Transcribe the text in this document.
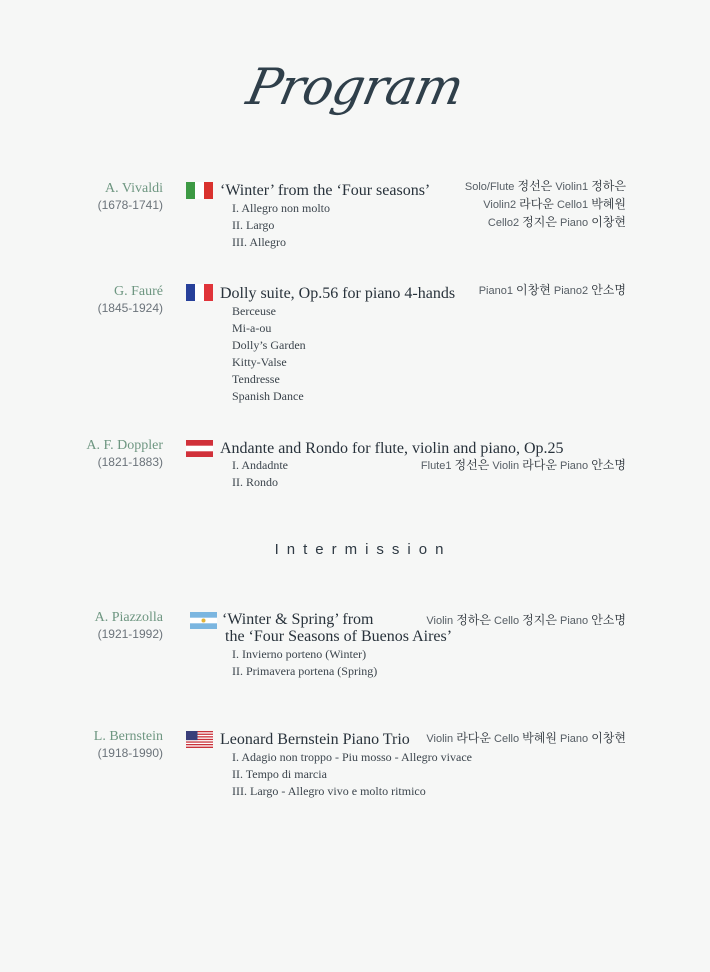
Program
A. Vivaldi
(1678-1741)
‘Winter’ from the ‘Four seasons’
I. Allegro non molto
II. Largo
III. Allegro
Solo/Flute 정선은 Violin1 정하은
Violin2 라다운 Cello1 박혜원
Cello2 정지은 Piano 이창현
G. Fauré
(1845-1924)
Dolly suite, Op.56 for piano 4-hands
Berceuse
Mi-a-ou
Dolly’s Garden
Kitty-Valse
Tendresse
Spanish Dance
Piano1 이창현 Piano2 안소명
A. F. Doppler
(1821-1883)
Andante and Rondo for flute, violin and piano, Op.25
I. Andadnte
II. Rondo
Flute1 정선은 Violin 라다운 Piano 안소명
Intermission
A. Piazzolla
(1921-1992)
‘Winter & Spring’ from
the ‘Four Seasons of Buenos Aires’
I. Invierno porteno (Winter)
II. Primavera portena (Spring)
Violin 정하은 Cello 정지은 Piano 안소명
L. Bernstein
(1918-1990)
Leonard Bernstein Piano Trio
I. Adagio non troppo - Piu mosso - Allegro vivace
II. Tempo di marcia
III. Largo - Allegro vivo e molto ritmico
Violin 라다운 Cello 박혜원 Piano 이창현
